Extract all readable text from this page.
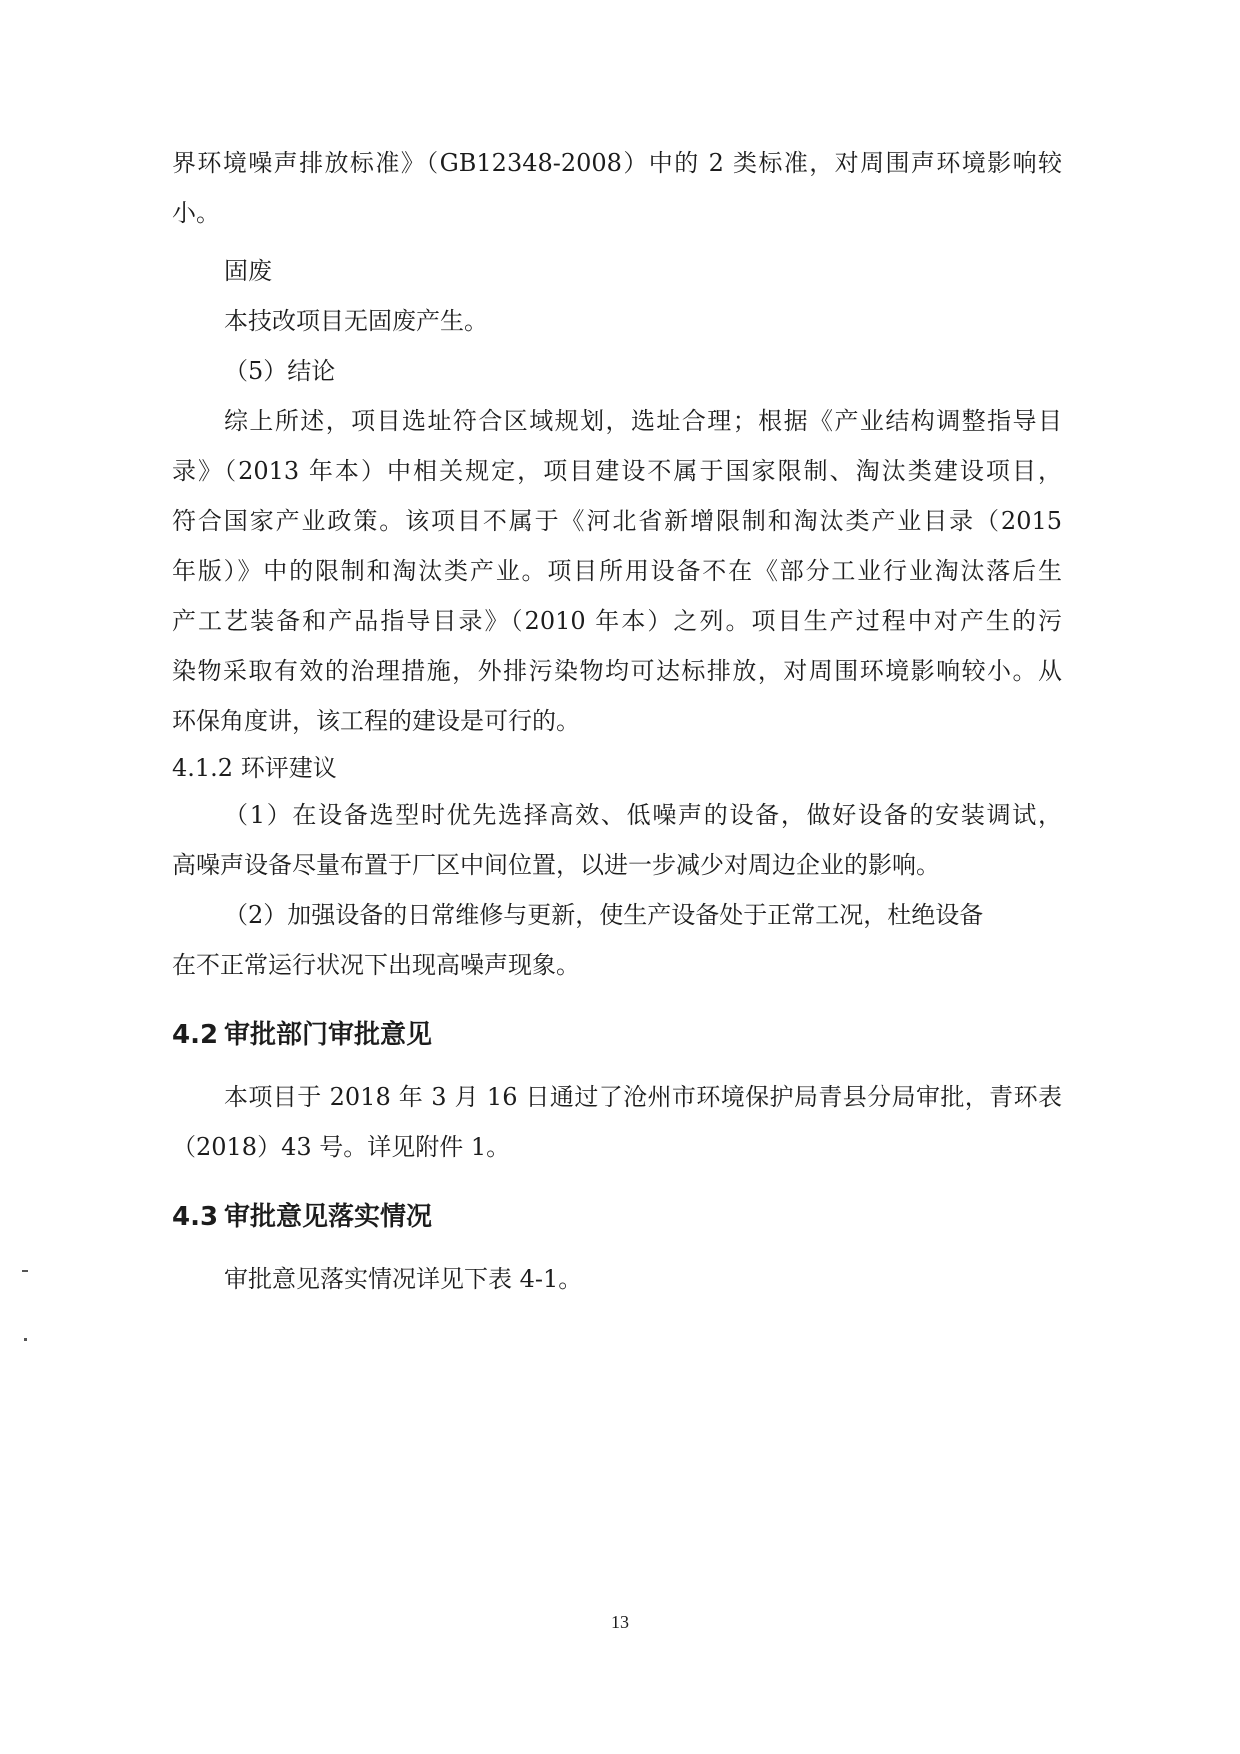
界环境噪声排放标准》（GB12348-2008）中的 2 类标准，对周围声环境影响较
小。
固废
本技改项目无固废产生。
（5）结论
综上所述，项目选址符合区域规划，选址合理；根据《产业结构调整指导目
录》（2013 年本）中相关规定，项目建设不属于国家限制、淘汰类建设项目，
符合国家产业政策。该项目不属于《河北省新增限制和淘汰类产业目录（2015
年版）》中的限制和淘汰类产业。项目所用设备不在《部分工业行业淘汰落后生
产工艺装备和产品指导目录》（2010 年本）之列。项目生产过程中对产生的污
染物采取有效的治理措施，外排污染物均可达标排放，对周围环境影响较小。从
环保角度讲，该工程的建设是可行的。
4.1.2 环评建议
（1）在设备选型时优先选择高效、低噪声的设备，做好设备的安装调试，
高噪声设备尽量布置于厂区中间位置，以进一步减少对周边企业的影响。
（2）加强设备的日常维修与更新，使生产设备处于正常工况，杜绝设备
在不正常运行状况下出现高噪声现象。
4.2 审批部门审批意见
本项目于 2018 年 3 月 16 日通过了沧州市环境保护局青县分局审批，青环表
（2018）43 号。详见附件 1。
4.3 审批意见落实情况
审批意见落实情况详见下表 4-1。
13
